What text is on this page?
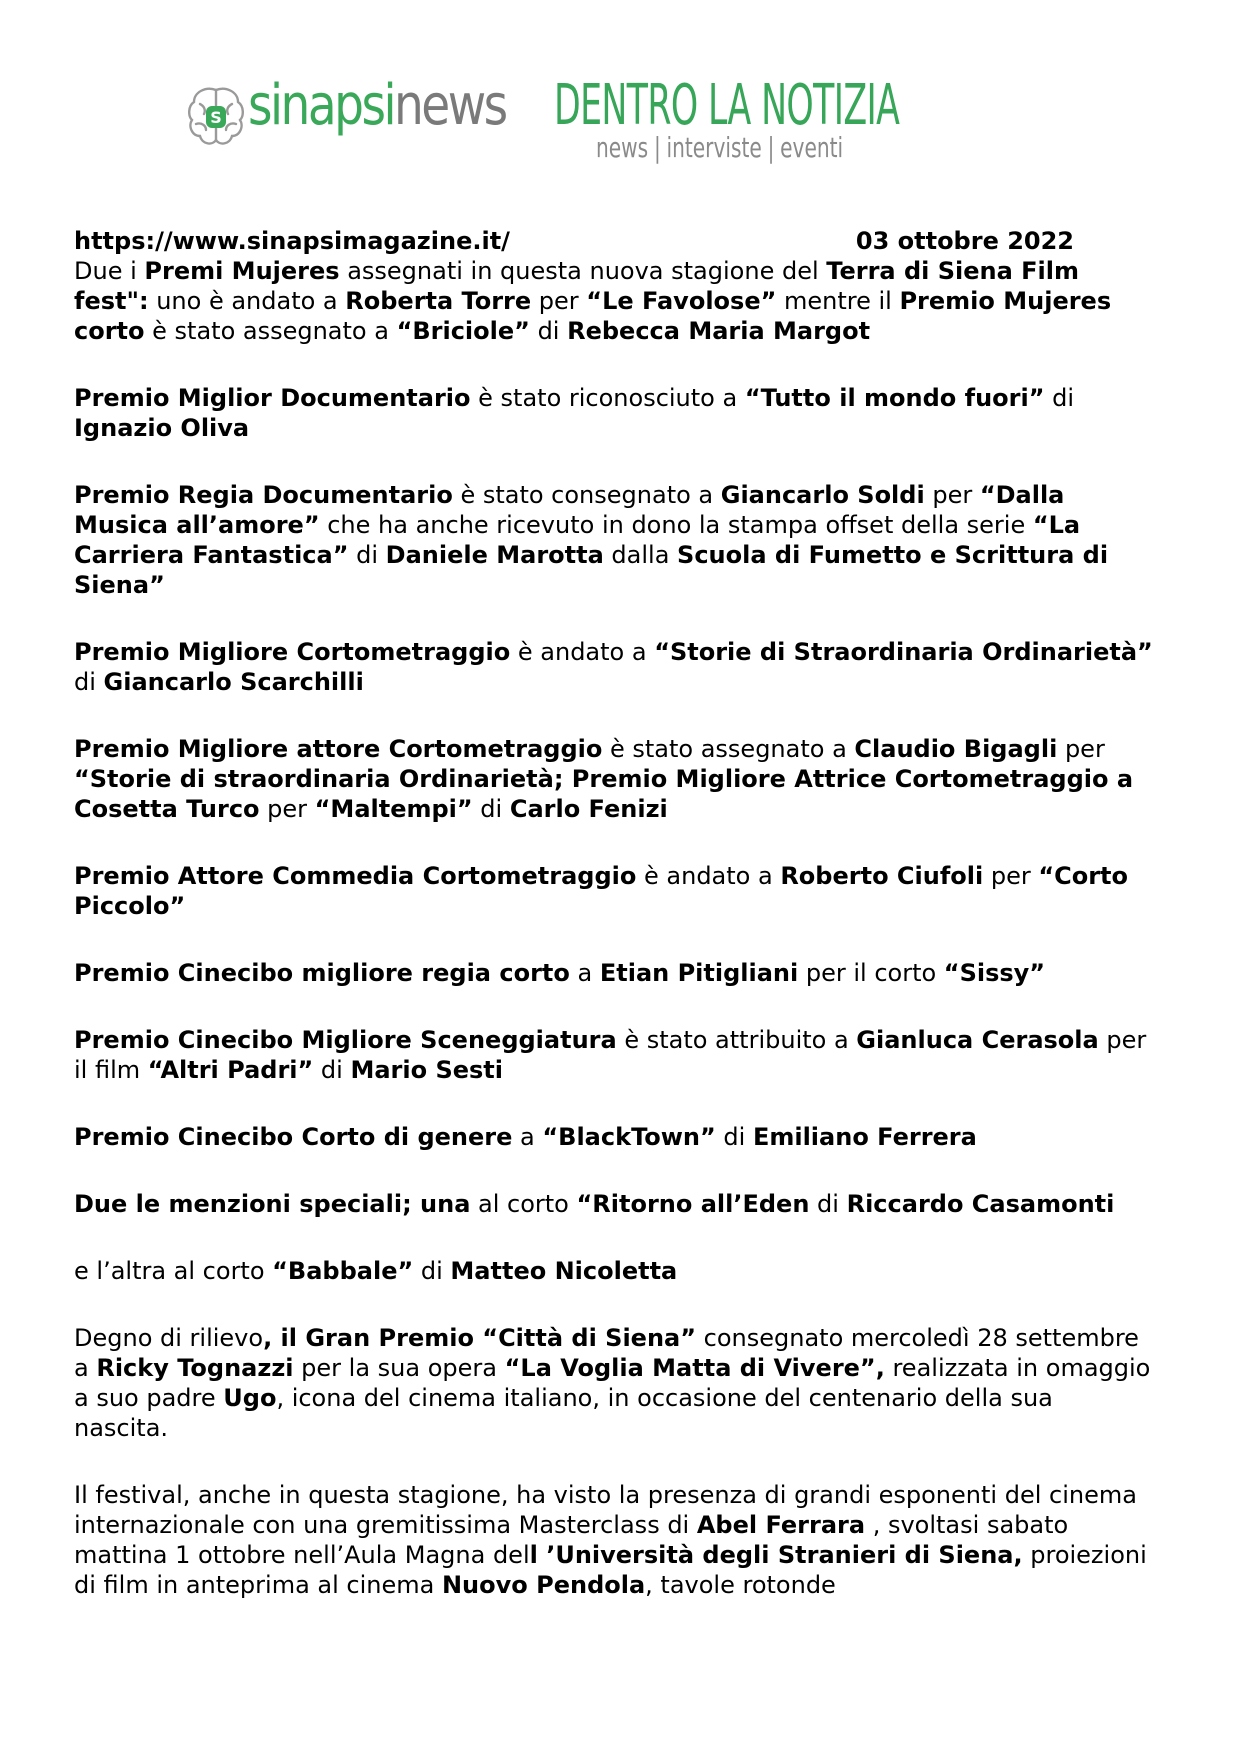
S sinapsinews DENTRO LA NOTIZIA
news | interviste | eventi
https://www.sinapsimagazine.it/	03 ottobre 2022

Due i Premi Mujeres assegnati in questa nuova stagione del Terra di Siena Film fest": uno è andato a Roberta Torre per “Le Favolose” mentre il Premio Mujeres corto è stato assegnato a “Briciole” di Rebecca Maria Margot

Premio Miglior Documentario è stato riconosciuto a “Tutto il mondo fuori” di Ignazio Oliva

Premio Regia Documentario è stato consegnato a Giancarlo Soldi per “Dalla Musica all’amore” che ha anche ricevuto in dono la stampa offset della serie “La Carriera Fantastica” di Daniele Marotta dalla Scuola di Fumetto e Scrittura di Siena”

Premio Migliore Cortometraggio è andato a “Storie di Straordinaria Ordinarietà” di Giancarlo Scarchilli

Premio Migliore attore Cortometraggio è stato assegnato a Claudio Bigagli per “Storie di straordinaria Ordinarietà; Premio Migliore Attrice Cortometraggio a Cosetta Turco per “Maltempi” di Carlo Fenizi

Premio Attore Commedia Cortometraggio è andato a Roberto Ciufoli per “Corto Piccolo”

Premio Cinecibo migliore regia corto a Etian Pitigliani per il corto “Sissy”

Premio Cinecibo Migliore Sceneggiatura è stato attribuito a Gianluca Cerasola per il film “Altri Padri” di Mario Sesti

Premio Cinecibo Corto di genere a “BlackTown” di Emiliano Ferrera

Due le menzioni speciali; una al corto “Ritorno all’Eden di Riccardo Casamonti

e l’altra al corto “Babbale” di Matteo Nicoletta

Degno di rilievo, il Gran Premio “Città di Siena” consegnato mercoledì 28 settembre a Ricky Tognazzi per la sua opera “La Voglia Matta di Vivere”, realizzata in omaggio a suo padre Ugo, icona del cinema italiano, in occasione del centenario della sua nascita.

Il festival, anche in questa stagione, ha visto la presenza di grandi esponenti del cinema internazionale con una gremitissima Masterclass di Abel Ferrara , svoltasi sabato mattina 1 ottobre nell’Aula Magna dell ’Università degli Stranieri di Siena, proiezioni di film in anteprima al cinema Nuovo Pendola, tavole rotonde
